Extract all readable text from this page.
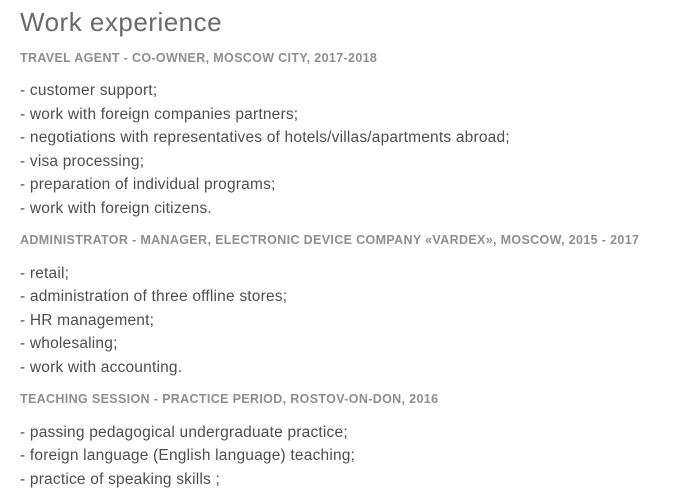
Work experience
TRAVEL AGENT - CO-OWNER, MOSCOW CITY, 2017-2018
- customer support;
- work with foreign companies partners;
- negotiations with representatives of hotels/villas/apartments abroad;
- visa processing;
- preparation of individual programs;
- work with foreign citizens.
ADMINISTRATOR - MANAGER, ELECTRONIC DEVICE COMPANY «VARDEX», MOSCOW, 2015 - 2017
- retail;
- administration of three offline stores;
- HR management;
- wholesaling;
- work with accounting.
TEACHING SESSION - PRACTICE PERIOD, ROSTOV-ON-DON, 2016
- passing pedagogical undergraduate practice;
- foreign language (English language) teaching;
- practice of speaking skills ;
